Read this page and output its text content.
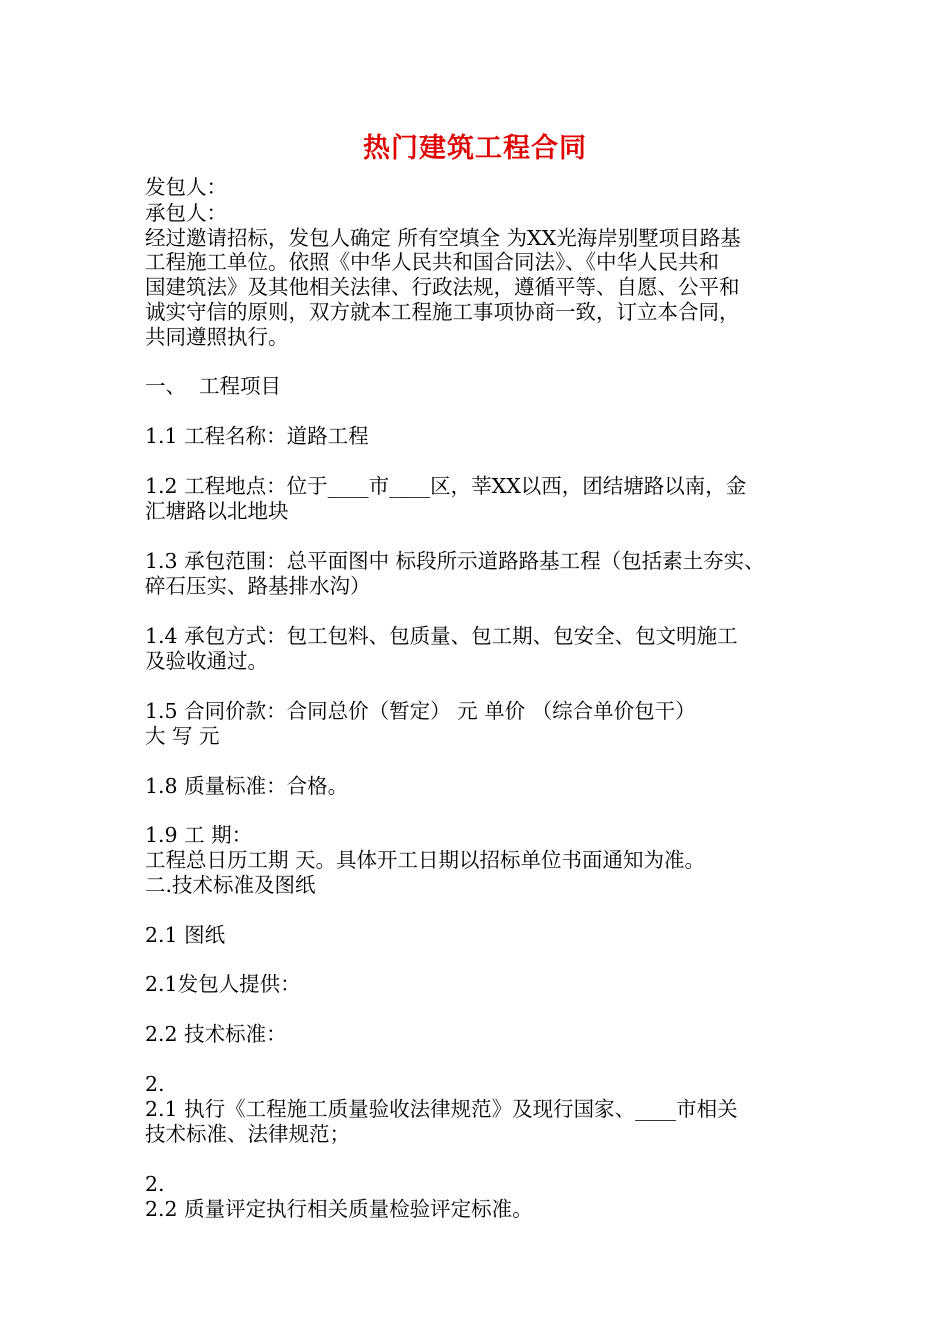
热门建筑工程合同
发包人：
承包人：
经过邀请招标，发包人确定 所有空填全 为XX光海岸别墅项目路基
工程施工单位。依照《中华人民共和国合同法》、《中华人民共和
国建筑法》及其他相关法律、行政法规，遵循平等、自愿、公平和
诚实守信的原则，双方就本工程施工事项协商一致，订立本合同，
共同遵照执行。
一、  工程项目
1.1 工程名称：道路工程
1.2 工程地点：位于____市____区，莘XX以西，团结塘路以南，金
汇塘路以北地块
1.3 承包范围：总平面图中 标段所示道路路基工程（包括素土夯实、
碎石压实、路基排水沟）
1.4 承包方式：包工包料、包质量、包工期、包安全、包文明施工
及验收通过。
1.5 合同价款：合同总价（暂定） 元 单价 （综合单价包干）
大 写 元
1.8 质量标准：合格。
1.9 工 期：
工程总日历工期 天。具体开工日期以招标单位书面通知为准。
二.技术标准及图纸
2.1 图纸
2.1发包人提供：
2.2 技术标准：
2.
2.1 执行《工程施工质量验收法律规范》及现行国家、____市相关
技术标准、法律规范；
2.
2.2 质量评定执行相关质量检验评定标准。
